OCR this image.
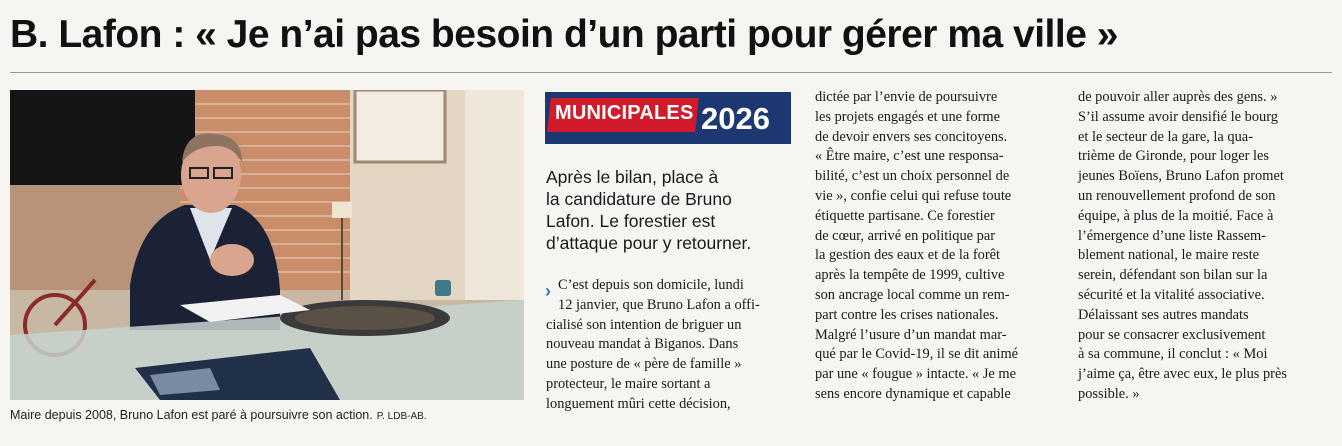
B. Lafon : « Je n’ai pas besoin d’un parti pour gérer ma ville »
Maire depuis 2008, Bruno Lafon est paré à poursuivre son action. P. LDB-AB.
MUNICIPALES 2026
Après le bilan, place à
la candidature de Bruno
Lafon. Le forestier est
d’attaque pour y retourner.
› C’est depuis son domicile, lundi
12 janvier, que Bruno Lafon a offi-
cialisé son intention de briguer un
nouveau mandat à Biganos. Dans
une posture de « père de famille »
protecteur, le maire sortant a
longuement mûri cette décision,
dictée par l’envie de poursuivre
les projets engagés et une forme
de devoir envers ses concitoyens.
« Être maire, c’est une responsa-
bilité, c’est un choix personnel de
vie », confie celui qui refuse toute
étiquette partisane. Ce forestier
de cœur, arrivé en politique par
la gestion des eaux et de la forêt
après la tempête de 1999, cultive
son ancrage local comme un rem-
part contre les crises nationales.
Malgré l’usure d’un mandat mar-
qué par le Covid-19, il se dit animé
par une « fougue » intacte. « Je me
sens encore dynamique et capable
de pouvoir aller auprès des gens. »
S’il assume avoir densifié le bourg
et le secteur de la gare, la qua-
trième de Gironde, pour loger les
jeunes Boïens, Bruno Lafon promet
un renouvellement profond de son
équipe, à plus de la moitié. Face à
l’émergence d’une liste Rassem-
blement national, le maire reste
serein, défendant son bilan sur la
sécurité et la vitalité associative.
Délaissant ses autres mandats
pour se consacrer exclusivement
à sa commune, il conclut : « Moi
j’aime ça, être avec eux, le plus près
possible. »
